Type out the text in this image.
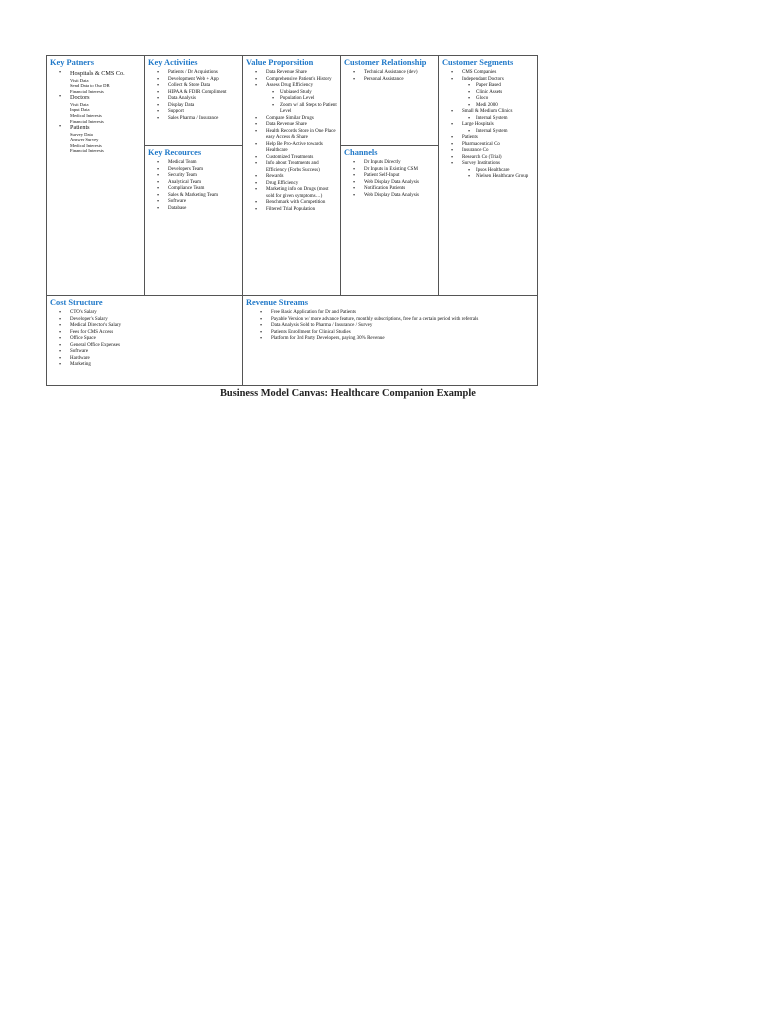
Key Patners
• Hospitals & CMS Co.
Visit Data
Send Data to Our DB
Financial Interests
• Doctors
Visit Data
Input Data
Medical Interests
Financial Interests
• Patients
Survey Data
Answer Survey
Medical Interests
Financial Interests
Key Activities
• Patients / Dr Acquistions
• Development Web + App
• Collect & Store Data
• HIPAA & FDIR Compliment
• Data Analysis
• Display Data
• Support
• Sales Pharma / Insurance
Key Recources
• Medical Team
• Developers Team
• Security Team
• Analytical Team
• Compliance Team
• Sales & Marketing Team
• Software
• Database
Value Proporsition
• Data Revenue Share
• Comprehensive Patient's History
• Assess Drug Efficiency
• Unbiased Study
• Population Level
• Zoom w/ all Steps to Patient Level
• Compare Similar Drugs
• Data Revenue Share
• Health Records Store in One Place easy Access & Share
• Help Be Pro-Active towards Healthcare
• Customized Treatments
• Info about Treatments and Efficiency (Forbs Success)
• Rewards
• Drug Efficiency
• Marketing info on Drugs (most sold for given symptoms…)
• Benchmark with Competition
• Filtered Trial Population
Customer Relationship
• Technical Assistance (dev)
• Personal Assistance
Channels
• Dr Inputs Directly
• Dr Inputs in Existing CSM
• Patient Self-Input
• Web Display Data Analysis
• Notification Patients
• Web Display Data Analysis
Customer Segments
• CMS Companies
• Independant Doctors
• Paper Based
• Clinic Assets
• Gloco
• Medi 2000
• Small & Medium Clinics
• Internal System
• Large Hospitals
• Internal System
• Patients
• Pharmaceutical Co
• Insurance Co
• Research Co (Trial)
• Survey Institutions
• Ipsos Healthcare
• Nielsen Healthcare Group
Cost Structure
• CTO's Salary
• Developer's Salary
• Medical Director's Salary
• Fees for CMS Access
• Office Space
• General Office Expenses
• Software
• Hardware
• Marketing
Revenue Streams
• Free Basic Application for Dr and Patients
• Payable Version w/ more advance feature, monthly subscriptions, free for a certain period with referrals
• Data Analysis Sold to Pharma / Insurance / Survey
• Patients Enrollment for Clinical Studies
• Platform for 3rd Party Developers, paying 30% Revenue
Business Model Canvas: Healthcare Companion Example
